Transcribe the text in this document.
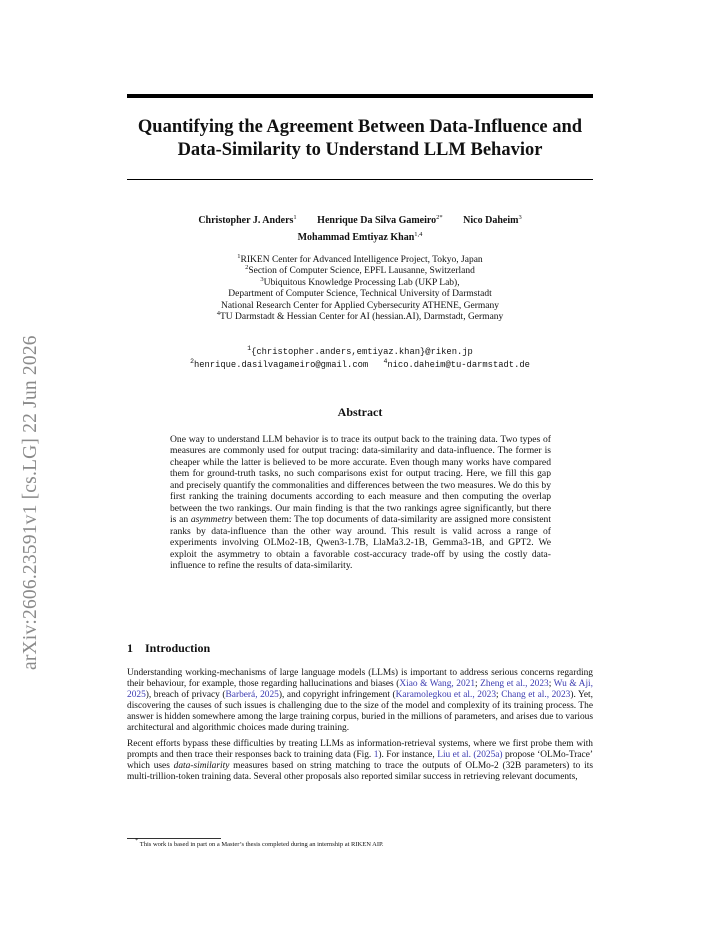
arXiv:2606.23591v1 [cs.LG] 22 Jun 2026
Quantifying the Agreement Between Data-Influence and Data-Similarity to Understand LLM Behavior
Christopher J. Anders$^1$ Henrique Da Silva Gameiro$^{2*}$ Nico Daheim$^3$
Mohammad Emtiyaz Khan$^{1,4}$
$^1$RIKEN Center for Advanced Intelligence Project, Tokyo, Japan
$^2$Section of Computer Science, EPFL Lausanne, Switzerland
$^3$Ubiquitous Knowledge Processing Lab (UKP Lab),
Department of Computer Science, Technical University of Darmstadt
National Research Center for Applied Cybersecurity ATHENE, Germany
$^4$TU Darmstadt & Hessian Center for AI (hessian.AI), Darmstadt, Germany
$^1${christopher.anders,emtiyaz.khan}@riken.jp
$^2$henrique.dasilvagameiro@gmail.com $^4$nico.daheim@tu-darmstadt.de
Abstract
One way to understand LLM behavior is to trace its output back to the training data. Two types of measures are commonly used for output tracing: data-similarity and data-influence. The former is cheaper while the latter is believed to be more accurate. Even though many works have compared them for ground-truth tasks, no such comparisons exist for output tracing. Here, we fill this gap and precisely quantify the commonalities and differences between the two measures. We do this by first ranking the training documents according to each measure and then computing the overlap between the two rankings. Our main finding is that the two rankings agree significantly, but there is an asymmetry between them: The top documents of data-similarity are assigned more consistent ranks by data-influence than the other way around. This result is valid across a range of experiments involving OLMo2-1B, Qwen3-1.7B, LlaMa3.2-1B, Gemma3-1B, and GPT2. We exploit the asymmetry to obtain a favorable cost-accuracy trade-off by using the costly data-influence to refine the results of data-similarity.
1 Introduction

Understanding working-mechanisms of large language models (LLMs) is important to address serious concerns regarding their behaviour, for example, those regarding hallucinations and biases (Xiao & Wang, 2021; Zheng et al., 2023; Wu & Aji, 2025), breach of privacy (Barberá, 2025), and copyright infringement (Karamolegkou et al., 2023; Chang et al., 2023). Yet, discovering the causes of such issues is challenging due to the size of the model and complexity of its training process. The answer is hidden somewhere among the large training corpus, buried in the millions of parameters, and arises due to various architectural and algorithmic choices made during training.

Recent efforts bypass these difficulties by treating LLMs as information-retrieval systems, where we first probe them with prompts and then trace their responses back to training data (Fig. 1). For instance, Liu et al. (2025a) propose ‘OLMo-Trace’ which uses data-similarity measures based on string matching to trace the outputs of OLMo-2 (32B parameters) to its multi-trillion-token training data. Several other proposals also reported similar success in retrieving relevant documents,

* This work is based in part on a Master’s thesis completed during an internship at RIKEN AIP.
